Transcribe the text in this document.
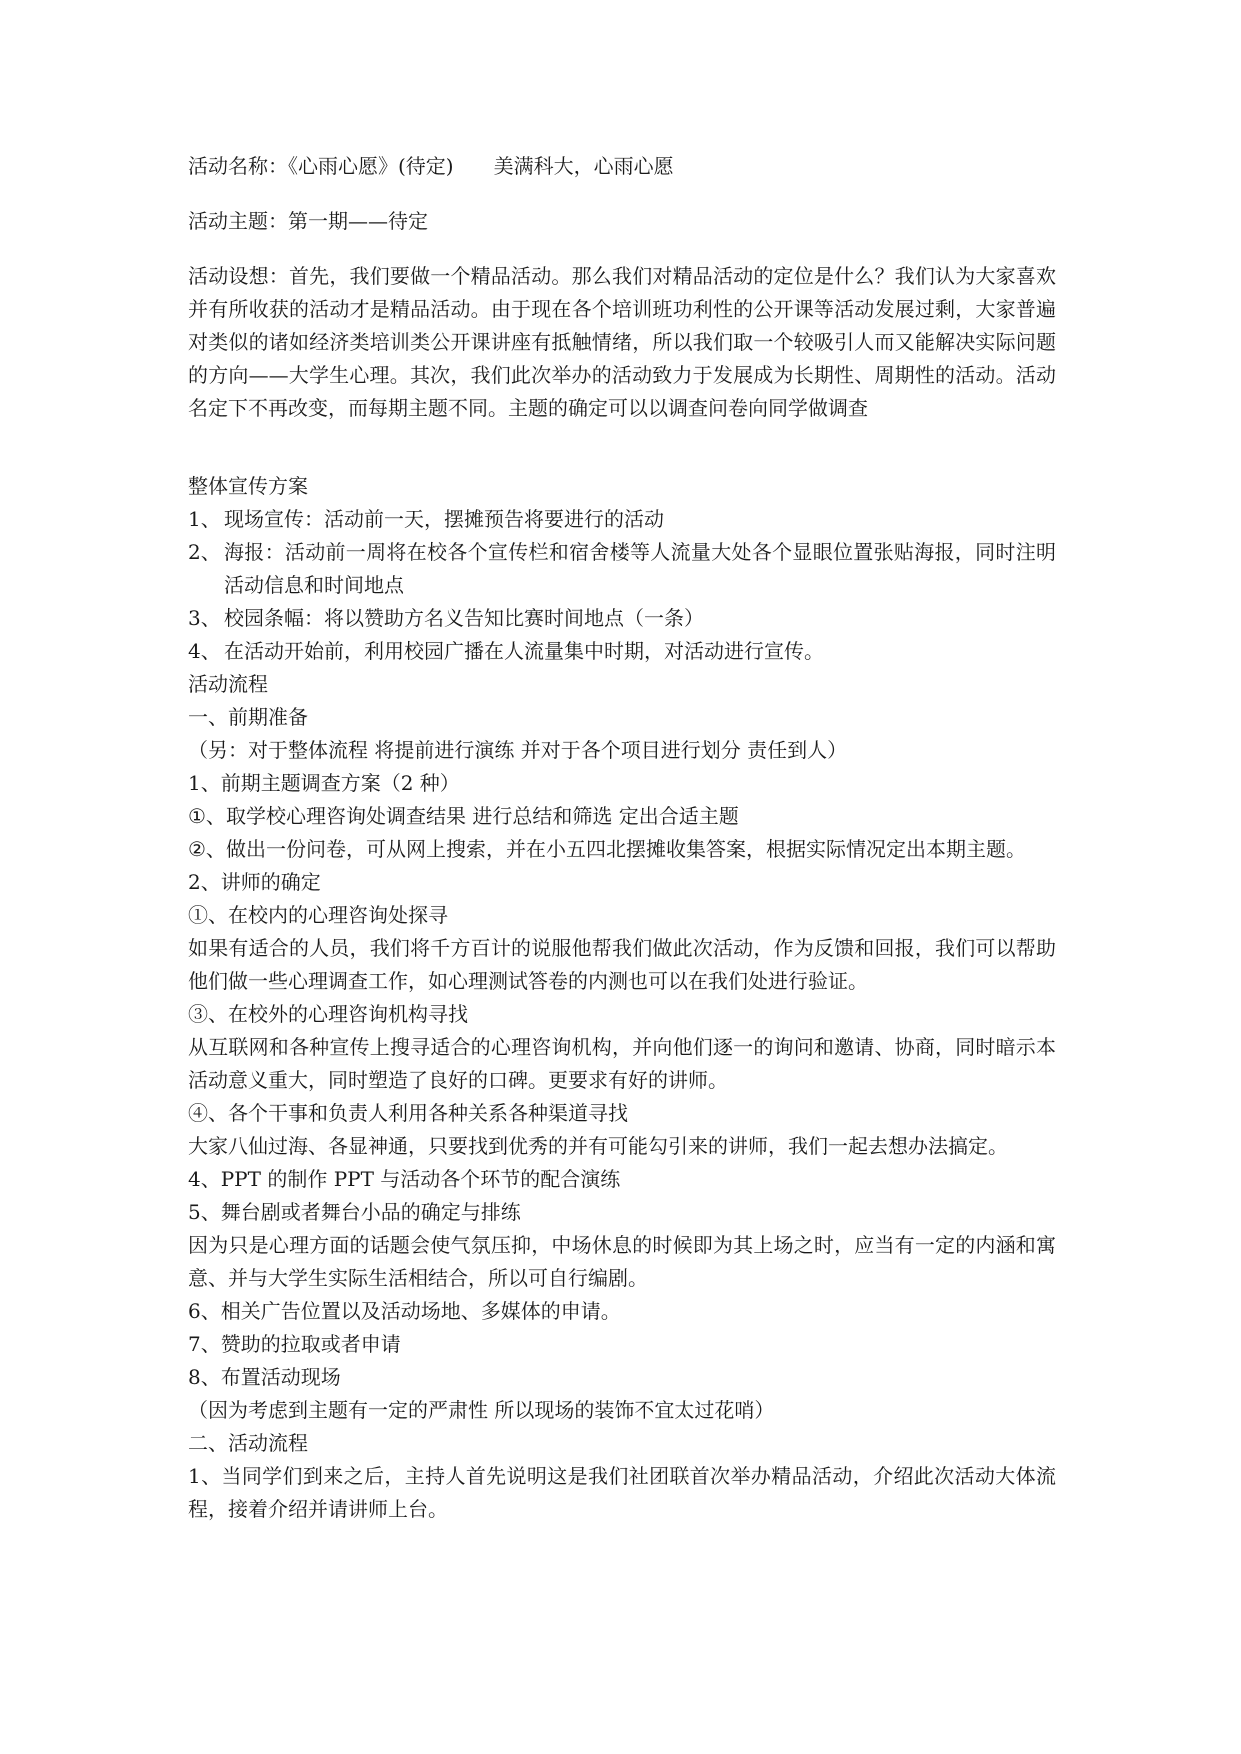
活动名称：《心雨心愿》(待定) 美满科大，心雨心愿

活动主题：第一期——待定

活动设想：首先，我们要做一个精品活动。那么我们对精品活动的定位是什么？我们认为大家喜欢并有所收获的活动才是精品活动。由于现在各个培训班功利性的公开课等活动发展过剩，大家普遍对类似的诸如经济类培训类公开课讲座有抵触情绪，所以我们取一个较吸引人而又能解决实际问题的方向——大学生心理。其次，我们此次举办的活动致力于发展成为长期性、周期性的活动。活动名定下不再改变，而每期主题不同。主题的确定可以以调查问卷向同学做调查

整体宣传方案

1、 现场宣传：活动前一天，摆摊预告将要进行的活动
2、 海报：活动前一周将在校各个宣传栏和宿舍楼等人流量大处各个显眼位置张贴海报，同时注明活动信息和时间地点
3、 校园条幅：将以赞助方名义告知比赛时间地点（一条）
4、 在活动开始前，利用校园广播在人流量集中时期，对活动进行宣传。

活动流程

一、前期准备

（另：对于整体流程 将提前进行演练 并对于各个项目进行划分 责任到人）

1、前期主题调查方案（2 种）

①、 取学校心理咨询处调查结果 进行总结和筛选 定出合适主题
②、 做出一份问卷，可从网上搜索，并在小五四北摆摊收集答案，根据实际情况定出本期主题。

2、讲师的确定

①、在校内的心理咨询处探寻

如果有适合的人员，我们将千方百计的说服他帮我们做此次活动，作为反馈和回报，我们可以帮助他们做一些心理调查工作，如心理测试答卷的内测也可以在我们处进行验证。

③、在校外的心理咨询机构寻找

从互联网和各种宣传上搜寻适合的心理咨询机构，并向他们逐一的询问和邀请、协商，同时暗示本活动意义重大，同时塑造了良好的口碑。更要求有好的讲师。

④、各个干事和负责人利用各种关系各种渠道寻找

大家八仙过海、各显神通，只要找到优秀的并有可能勾引来的讲师，我们一起去想办法搞定。

4、PPT 的制作 PPT 与活动各个环节的配合演练

5、舞台剧或者舞台小品的确定与排练

因为只是心理方面的话题会使气氛压抑，中场休息的时候即为其上场之时，应当有一定的内涵和寓意、并与大学生实际生活相结合，所以可自行编剧。

6、相关广告位置以及活动场地、多媒体的申请。

7、赞助的拉取或者申请

8、布置活动现场

（因为考虑到主题有一定的严肃性 所以现场的装饰不宜太过花哨）

二、活动流程

1、当同学们到来之后，主持人首先说明这是我们社团联首次举办精品活动，介绍此次活动大体流程，接着介绍并请讲师上台。
